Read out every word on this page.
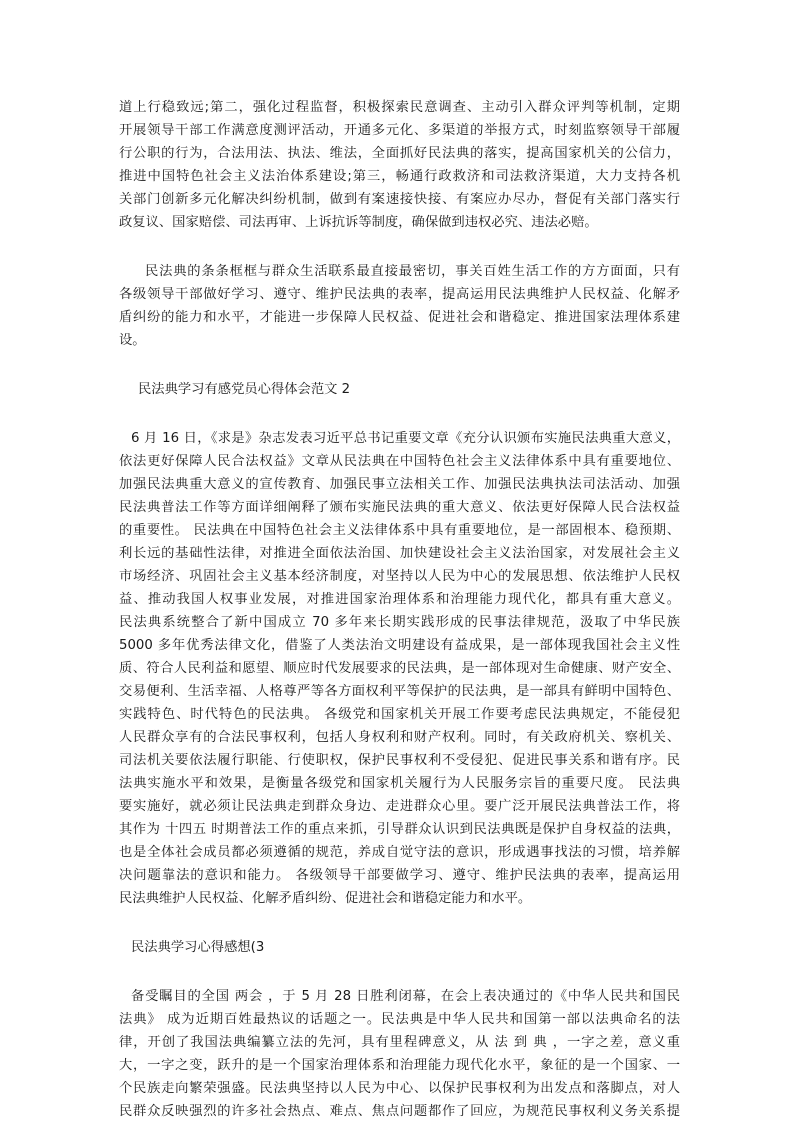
道上行稳致远;第二，强化过程监督，积极探索民意调查、主动引入群众评判等机制，定期
开展领导干部工作满意度测评活动，开通多元化、多渠道的举报方式，时刻监察领导干部履
行公职的行为，合法用法、执法、维法，全面抓好民法典的落实，提高国家机关的公信力，
推进中国特色社会主义法治体系建设;第三，畅通行政救济和司法救济渠道，大力支持各机
关部门创新多元化解决纠纷机制，做到有案速接快接、有案应办尽办，督促有关部门落实行
政复议、国家赔偿、司法再审、上诉抗诉等制度，确保做到违权必究、违法必赔。
民法典的条条框框与群众生活联系最直接最密切，事关百姓生活工作的方方面面，只有
各级领导干部做好学习、遵守、维护民法典的表率，提高运用民法典维护人民权益、化解矛
盾纠纷的能力和水平，才能进一步保障人民权益、促进社会和谐稳定、推进国家法理体系建
设。

民法典学习有感党员心得体会范文 2

6 月 16 日，《求是》杂志发表习近平总书记重要文章《充分认识颁布实施民法典重大意义，
依法更好保障人民合法权益》文章从民法典在中国特色社会主义法律体系中具有重要地位、
加强民法典重大意义的宣传教育、加强民事立法相关工作、加强民法典执法司法活动、加强
民法典普法工作等方面详细阐释了颁布实施民法典的重大意义、依法更好保障人民合法权益
的重要性。 民法典在中国特色社会主义法律体系中具有重要地位，是一部固根本、稳预期、
利长远的基础性法律，对推进全面依法治国、加快建设社会主义法治国家，对发展社会主义
市场经济、巩固社会主义基本经济制度，对坚持以人民为中心的发展思想、依法维护人民权
益、推动我国人权事业发展，对推进国家治理体系和治理能力现代化，都具有重大意义。
民法典系统整合了新中国成立 70 多年来长期实践形成的民事法律规范，汲取了中华民族
5000 多年优秀法律文化，借鉴了人类法治文明建设有益成果，是一部体现我国社会主义性
质、符合人民利益和愿望、顺应时代发展要求的民法典，是一部体现对生命健康、财产安全、
交易便利、生活幸福、人格尊严等各方面权利平等保护的民法典，是一部具有鲜明中国特色、
实践特色、时代特色的民法典。 各级党和国家机关开展工作要考虑民法典规定，不能侵犯
人民群众享有的合法民事权利，包括人身权利和财产权利。同时，有关政府机关、察机关、
司法机关要依法履行职能、行使职权，保护民事权利不受侵犯、促进民事关系和谐有序。民
法典实施水平和效果，是衡量各级党和国家机关履行为人民服务宗旨的重要尺度。 民法典
要实施好，就必须让民法典走到群众身边、走进群众心里。要广泛开展民法典普法工作，将
其作为 十四五 时期普法工作的重点来抓，引导群众认识到民法典既是保护自身权益的法典，
也是全体社会成员都必须遵循的规范，养成自觉守法的意识，形成遇事找法的习惯，培养解
决问题靠法的意识和能力。 各级领导干部要做学习、遵守、维护民法典的表率，提高运用
民法典维护人民权益、化解矛盾纠纷、促进社会和谐稳定能力和水平。

民法典学习心得感想(3

备受瞩目的全国 两会 ，于 5 月 28 日胜利闭幕，在会上表决通过的《中华人民共和国民
法典》 成为近期百姓最热议的话题之一。民法典是中华人民共和国第一部以法典命名的法
律，开创了我国法典编纂立法的先河，具有里程碑意义，从 法 到 典 ，一字之差，意义重
大，一字之变，跃升的是一个国家治理体系和治理能力现代化水平，象征的是一个国家、一
个民族走向繁荣强盛。民法典坚持以人民为中心、以保护民事权利为出发点和落脚点，对人
民群众反映强烈的许多社会热点、难点、焦点问题都作了回应，为规范民事权利义务关系提
